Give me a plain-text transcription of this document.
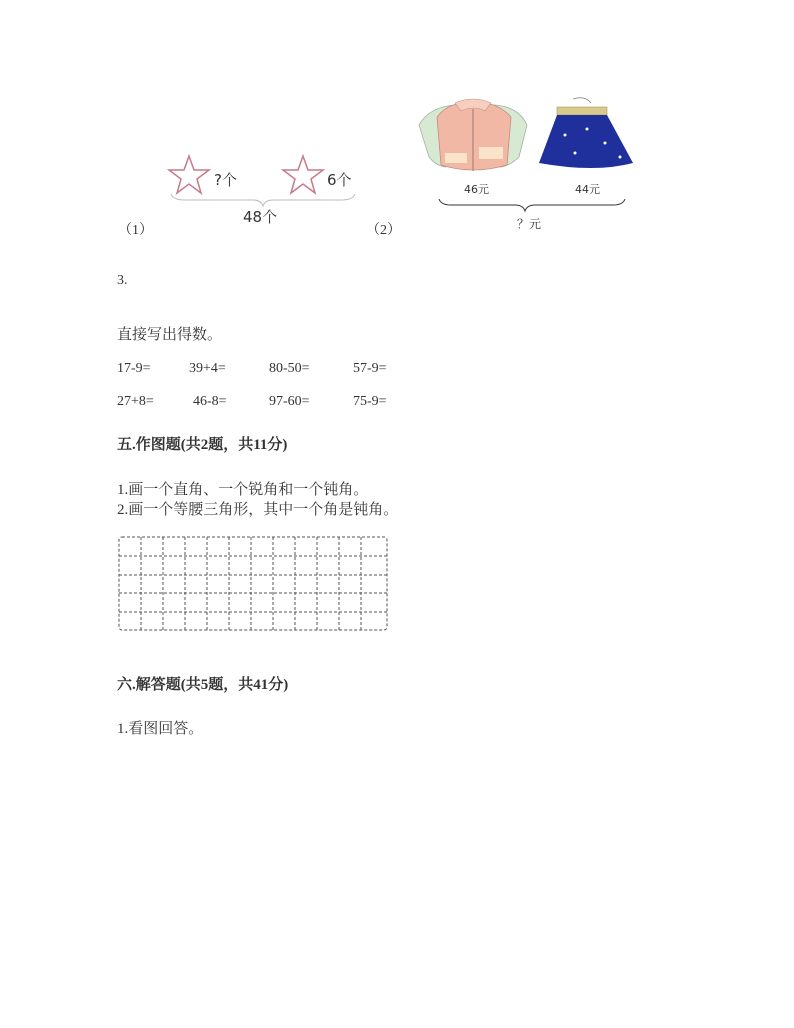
?个	6个
48个
（1）	（2）
46元	44元
？元
3.
直接写出得数。
17-9=	39+4=	80-50=	57-9=
27+8=	46-8=	97-60=	75-9=
五.作图题(共2题，共11分)
1.画一个直角、一个锐角和一个钝角。
2.画一个等腰三角形，其中一个角是钝角。
六.解答题(共5题，共41分)
1.看图回答。
